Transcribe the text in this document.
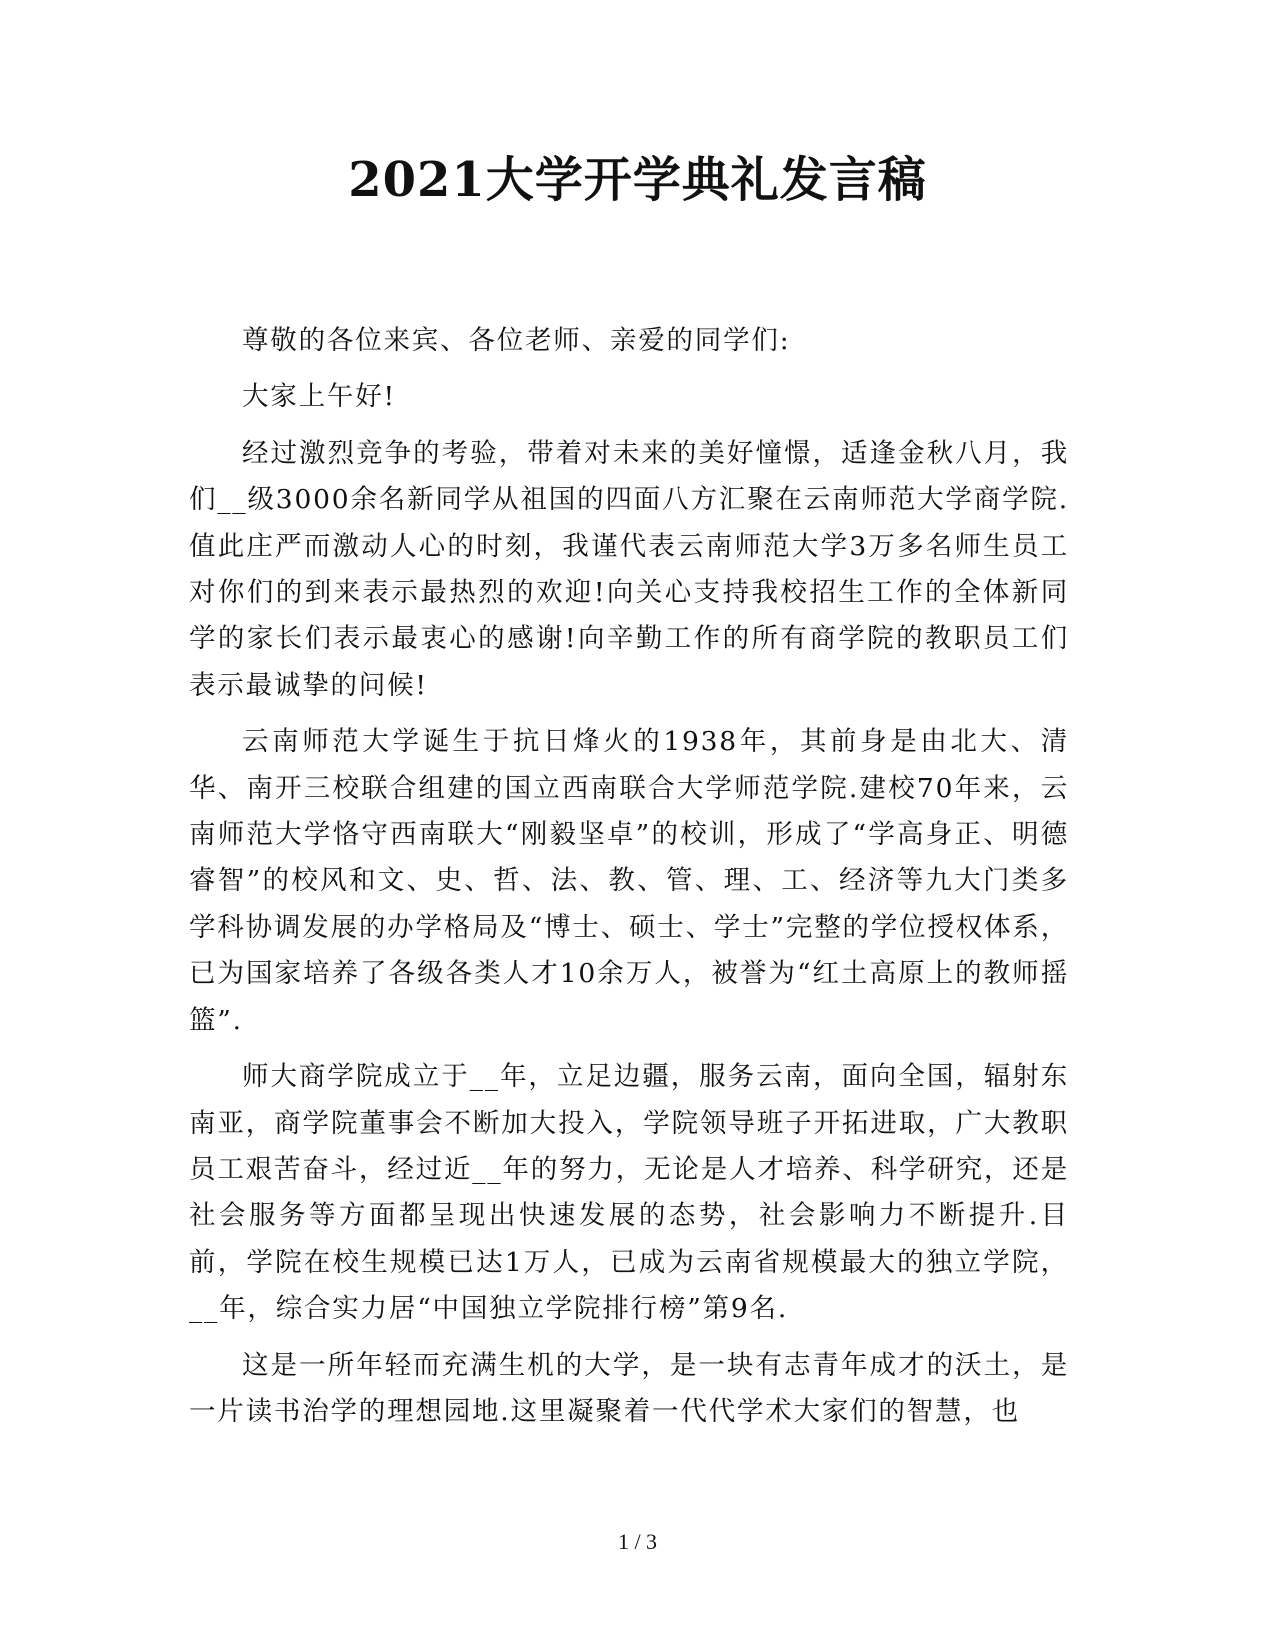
2021大学开学典礼发言稿

尊敬的各位来宾、各位老师、亲爱的同学们:

大家上午好!

经过激烈竞争的考验，带着对未来的美好憧憬，适逢金秋八月，我们__级3000余名新同学从祖国的四面八方汇聚在云南师范大学商学院.值此庄严而激动人心的时刻，我谨代表云南师范大学3万多名师生员工对你们的到来表示最热烈的欢迎!向关心支持我校招生工作的全体新同学的家长们表示最衷心的感谢!向辛勤工作的所有商学院的教职员工们表示最诚挚的问候!

云南师范大学诞生于抗日烽火的1938年，其前身是由北大、清华、南开三校联合组建的国立西南联合大学师范学院.建校70年来，云南师范大学恪守西南联大“刚毅坚卓”的校训，形成了“学高身正、明德睿智”的校风和文、史、哲、法、教、管、理、工、经济等九大门类多学科协调发展的办学格局及“博士、硕士、学士”完整的学位授权体系，已为国家培养了各级各类人才10余万人，被誉为“红土高原上的教师摇篮”.

师大商学院成立于__年，立足边疆，服务云南，面向全国，辐射东南亚，商学院董事会不断加大投入，学院领导班子开拓进取，广大教职员工艰苦奋斗，经过近__年的努力，无论是人才培养、科学研究，还是社会服务等方面都呈现出快速发展的态势，社会影响力不断提升.目前，学院在校生规模已达1万人，已成为云南省规模最大的独立学院，__年，综合实力居“中国独立学院排行榜”第9名.

这是一所年轻而充满生机的大学，是一块有志青年成才的沃土，是一片读书治学的理想园地.这里凝聚着一代代学术大家们的智慧，也

1 / 3
